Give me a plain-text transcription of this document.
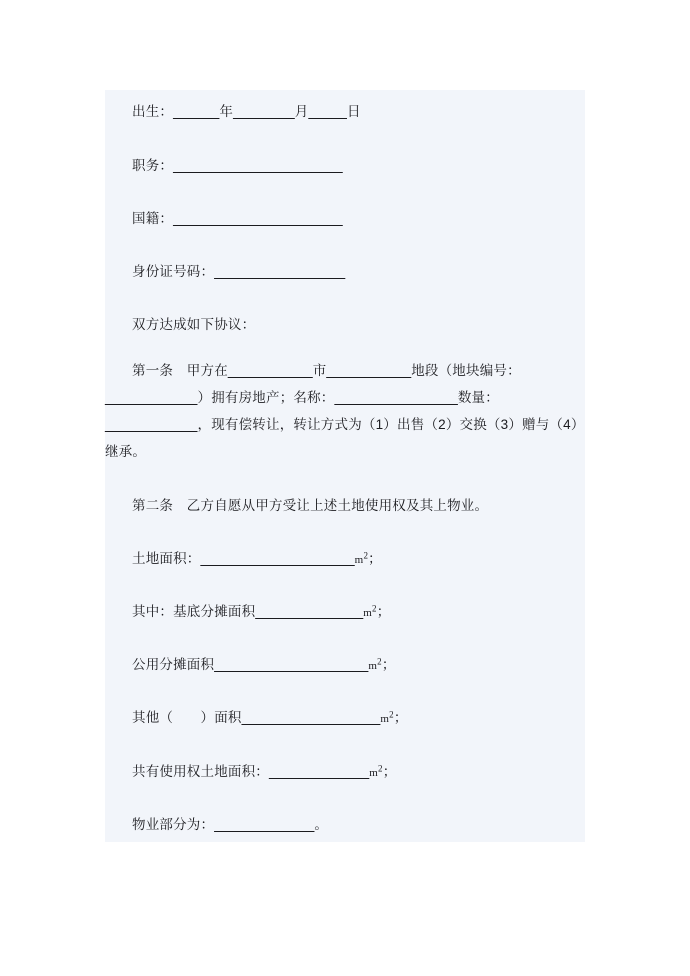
出生：______年________月_____日
职务：______________________
国籍：______________________
身份证号码：_________________
双方达成如下协议：
第一条　甲方在___________市___________地段（地块编号：____________）拥有房地产；名称：________________数量：____________，现有偿转让，转让方式为（1）出售（2）交换（3）赠与（4）继承。
第二条　乙方自愿从甲方受让上述土地使用权及其上物业。
土地面积：$\_\_\_\_\_\_\_\_\_\_\_\_\_\_\_\_\_\_\_\_m^2$；
其中：基底分摊面积$\_\_\_\_\_\_\_\_\_\_\_\_\_\_m^2$；
公用分摊面积$\_\_\_\_\_\_\_\_\_\_\_\_\_\_\_\_\_\_\_\_m^2$；
其他（　　）面积$\_\_\_\_\_\_\_\_\_\_\_\_\_\_\_\_\_\_m^2$；
共有使用权土地面积：$\_\_\_\_\_\_\_\_\_\_\_\_\_m^2$；
物业部分为：_____________。
